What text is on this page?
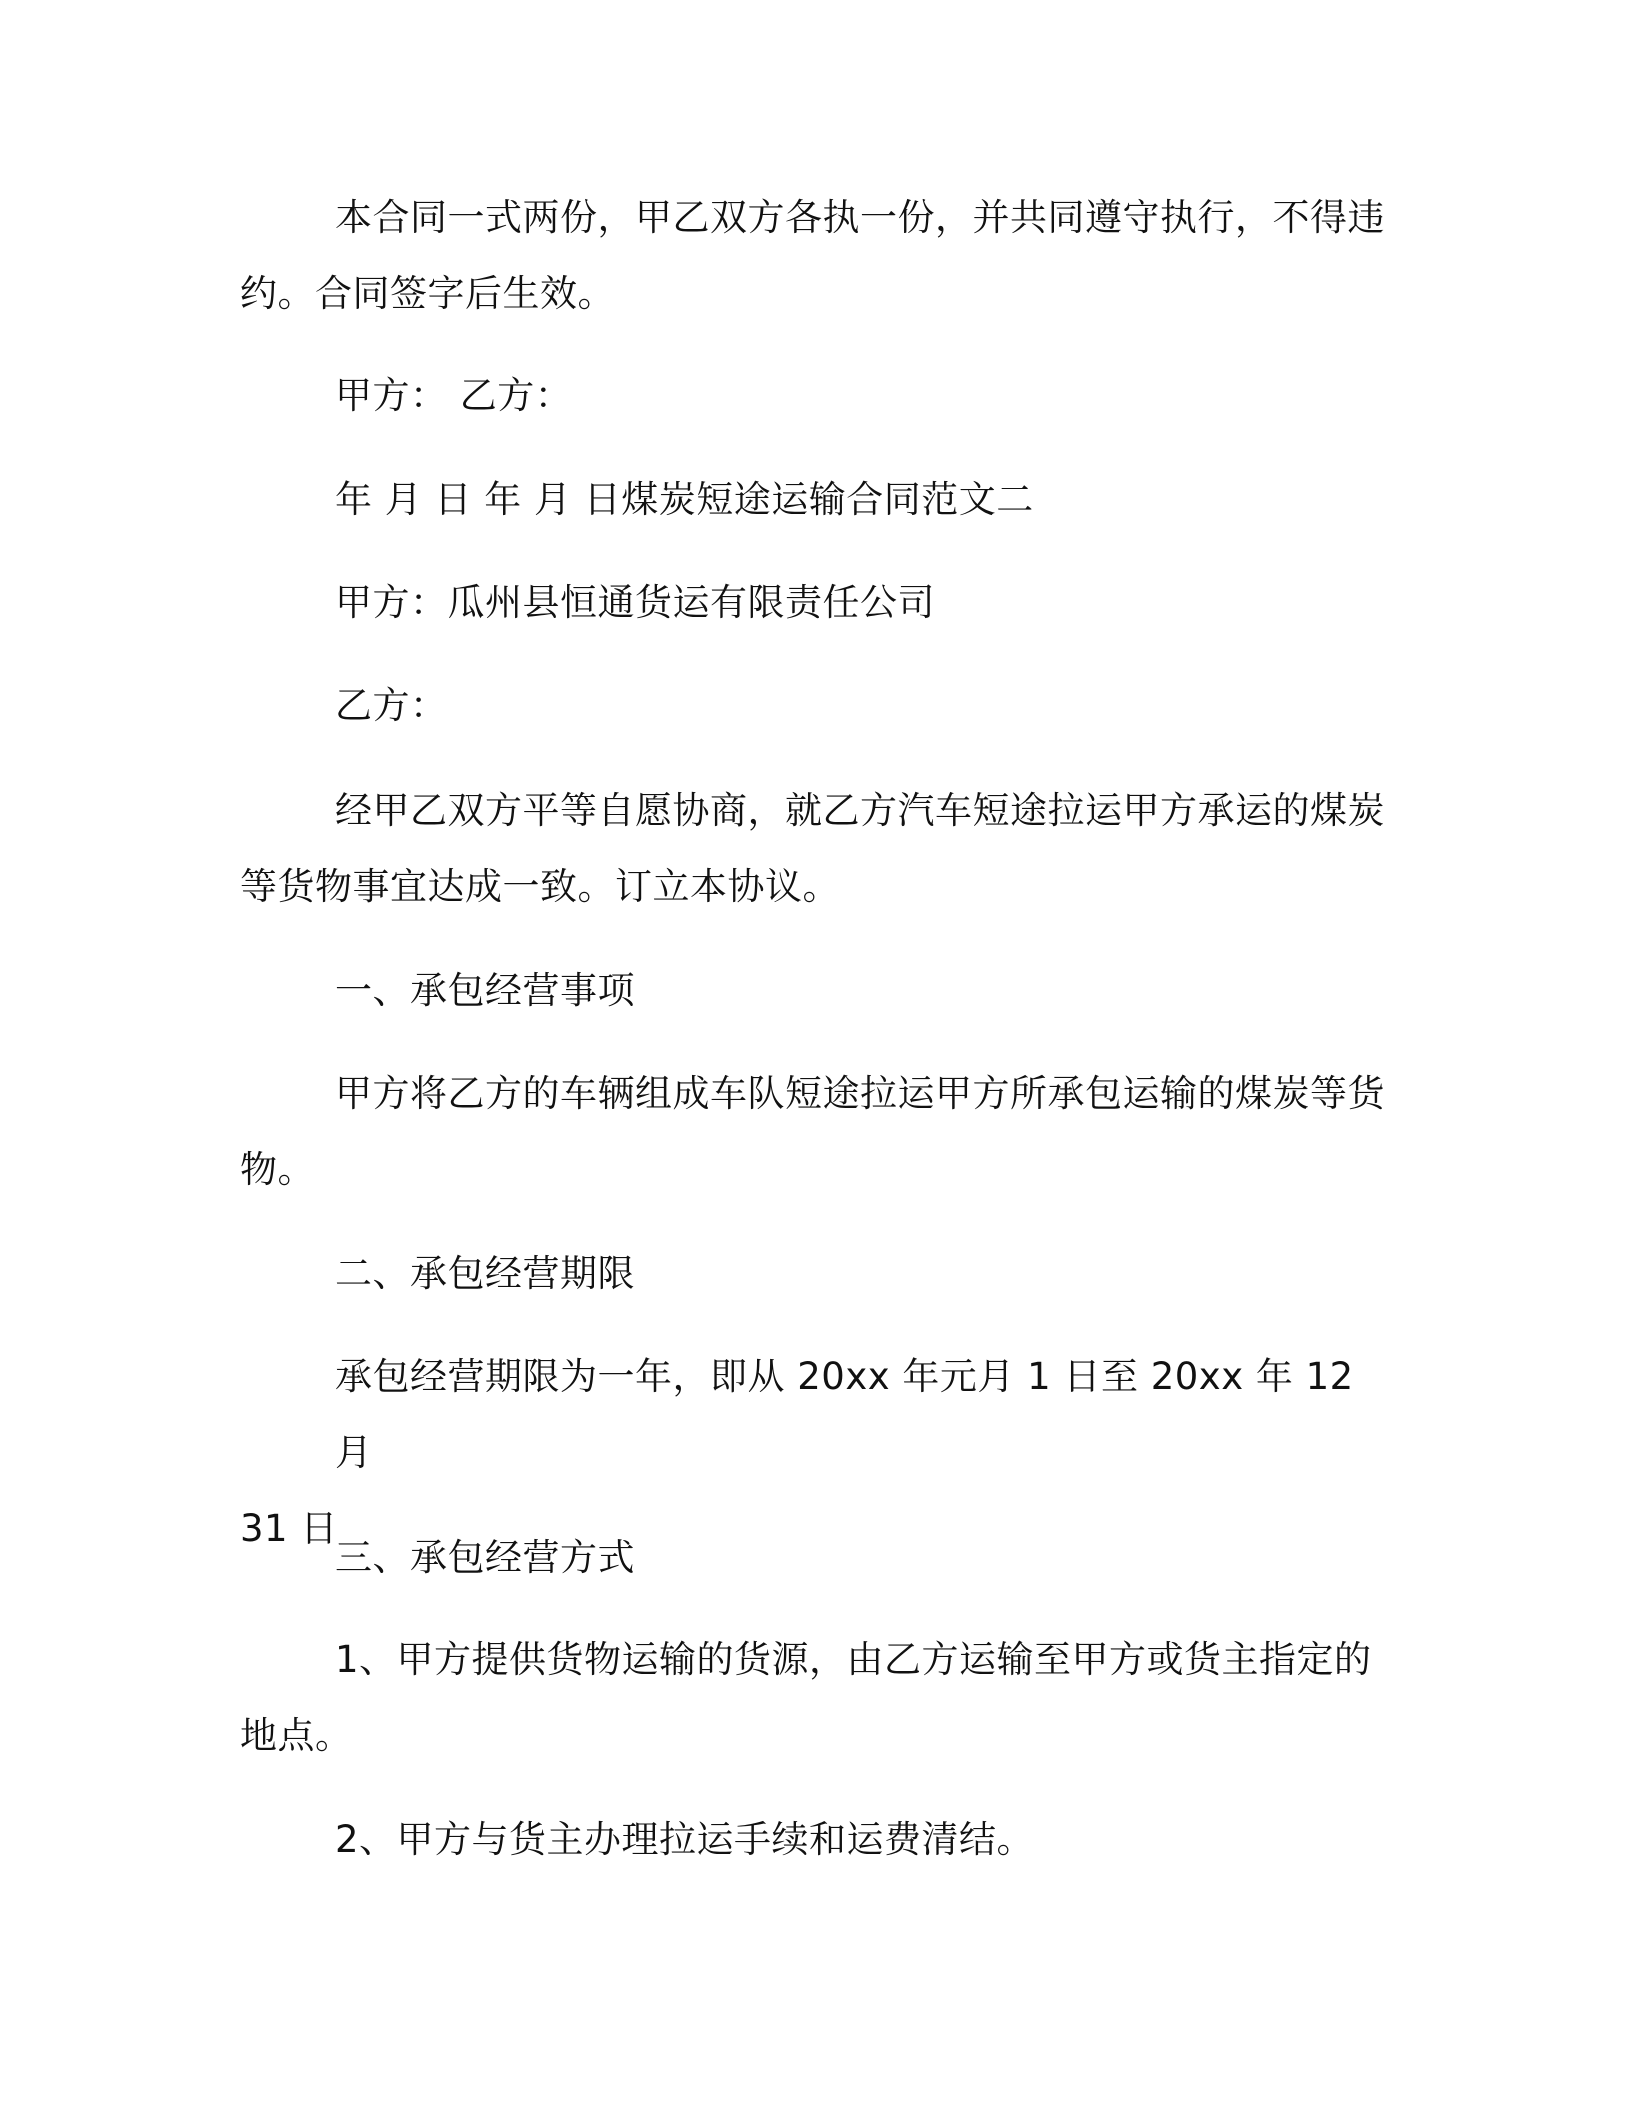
本合同一式两份，甲乙双方各执一份，并共同遵守执行，不得违
约。合同签字后生效。
甲方： 乙方：
年 月 日 年 月 日煤炭短途运输合同范文二
甲方：瓜州县恒通货运有限责任公司
乙方：
经甲乙双方平等自愿协商，就乙方汽车短途拉运甲方承运的煤炭
等货物事宜达成一致。订立本协议。
一、承包经营事项
甲方将乙方的车辆组成车队短途拉运甲方所承包运输的煤炭等货
物。
二、承包经营期限
承包经营期限为一年，即从 20xx 年元月 1 日至 20xx 年 12 月
31 日
三、承包经营方式
1、甲方提供货物运输的货源，由乙方运输至甲方或货主指定的
地点。
2、甲方与货主办理拉运手续和运费清结。
